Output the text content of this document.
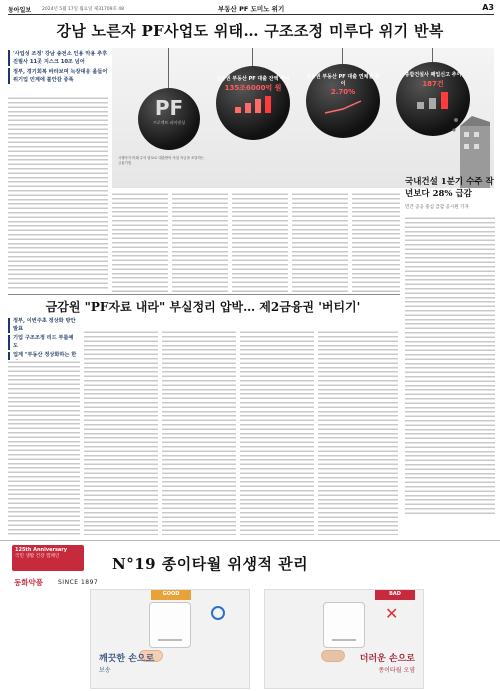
동아일보 2024년 5월 17일 월요일 제31709호 48	부동산 PF 도미노 위기	A3
강남 노른자 PF사업도 위태… 구조조정 미루다 위기 반복
'사업성 조정' 강남 송전소 인용 악용 추후 진필사 11곳 지스크 10조 넘어
정부, 경기회복 바라보며 늑장대응 올들어 위기업 민계에 불안감 증폭
PF
프로젝트 파이낸싱
시행사가 미래 수익 담보로 대출받아 사업 자금을 조달하는 금융기법
금융권 부동산 PF 대출 잔액 추이
135조6000억 원
금융권 부동산 PF 대출 연체율 추이
2.70%
종합건설사 폐업신고 추이
187건
국내건설 1분기 수주 작년보다 28% 급감
민간 공공 중심 급감 공시원 기자
금감원 "PF자료 내라" 부실정리 압박… 제2금융권 '버티기'
정부, 이번주초 정상화 방안 발표
기업 구조조정 리드 부를예도
업계 "부동산 정상화하는 한
125th Anniversary
국민 생활 건강 캠페인
동화약품	SINCE 1897
N°19 종이타월 위생적 관리
GOOD
깨끗한 손으로
보송
BAD
✕
더러운 손으로
종이타월 오염
